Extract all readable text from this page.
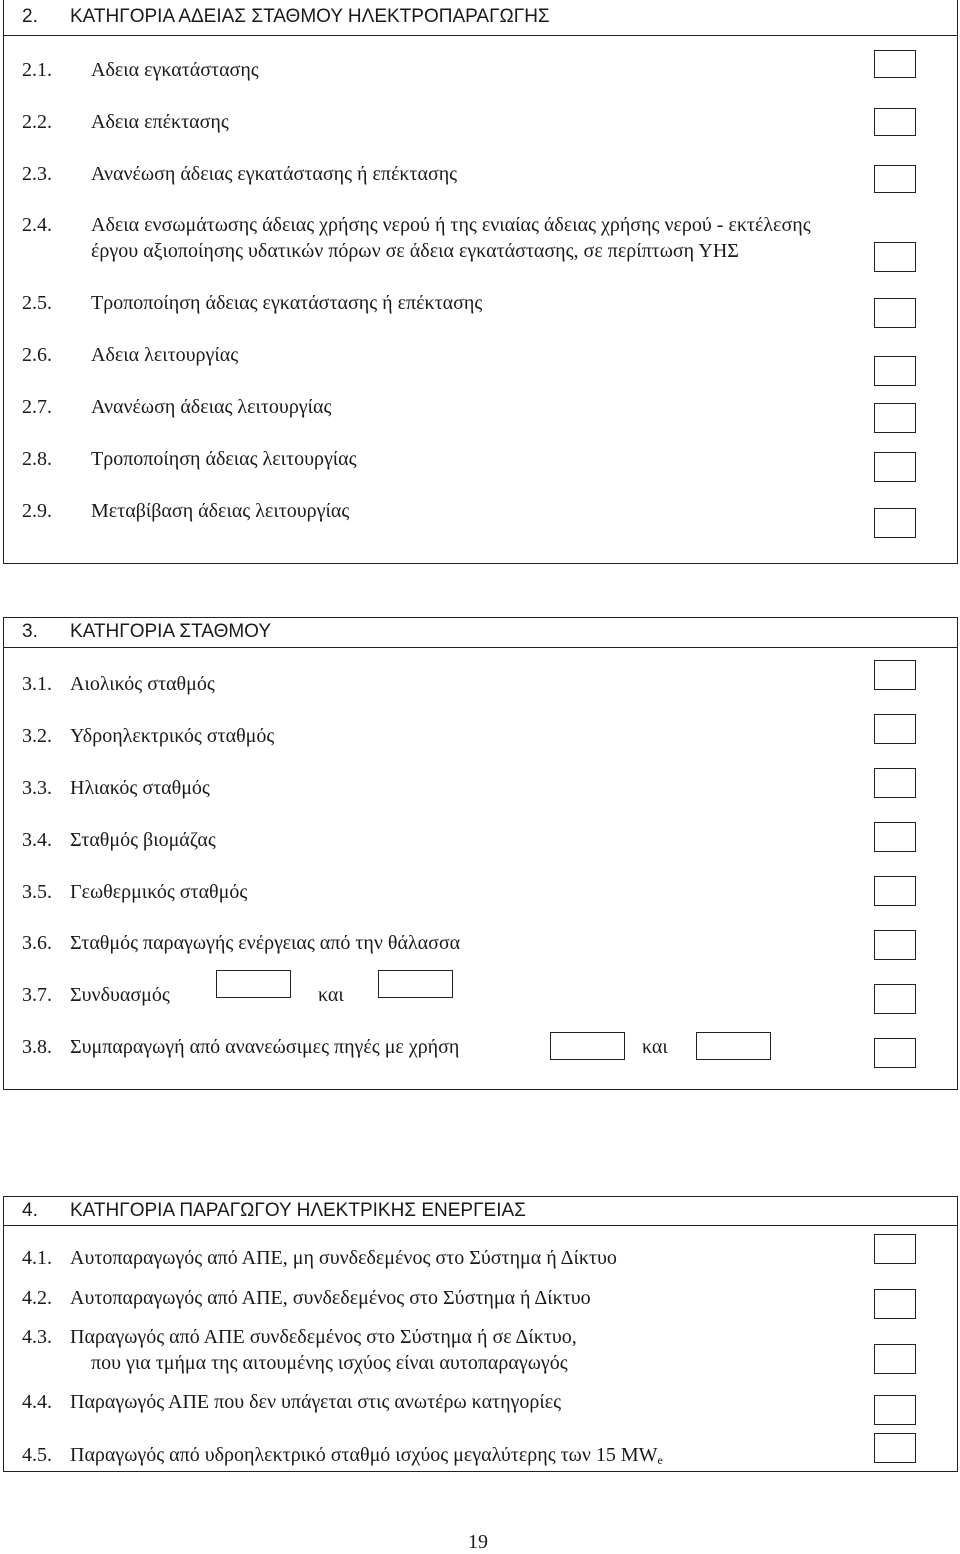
2. ΚΑΤΗΓΟΡΙΑ ΑΔΕΙΑΣ ΣΤΑΘΜΟΥ ΗΛΕΚΤΡΟΠΑΡΑΓΩΓΗΣ
2.1. Αδεια εγκατάστασης
2.2. Αδεια επέκτασης
2.3. Ανανέωση άδειας εγκατάστασης ή επέκτασης
2.4. Αδεια ενσωμάτωσης άδειας χρήσης νερού ή της ενιαίας άδειας χρήσης νερού - εκτέλεσης
έργου αξιοποίησης υδατικών πόρων σε άδεια εγκατάστασης, σε περίπτωση ΥΗΣ
2.5. Τροποποίηση άδειας εγκατάστασης ή επέκτασης
2.6. Αδεια λειτουργίας
2.7. Ανανέωση άδειας λειτουργίας
2.8. Τροποποίηση άδειας λειτουργίας
2.9. Μεταβίβαση άδειας λειτουργίας
3. ΚΑΤΗΓΟΡΙΑ ΣΤΑΘΜΟΥ
3.1. Αιολικός σταθμός
3.2. Υδροηλεκτρικός σταθμός
3.3. Ηλιακός σταθμός
3.4. Σταθμός βιομάζας
3.5. Γεωθερμικός σταθμός
3.6. Σταθμός παραγωγής ενέργειας από την θάλασσα
3.7. Συνδυασμός	και
3.8. Συμπαραγωγή από ανανεώσιμες πηγές με χρήση	και
4. ΚΑΤΗΓΟΡΙΑ ΠΑΡΑΓΩΓΟΥ ΗΛΕΚΤΡΙΚΗΣ ΕΝΕΡΓΕΙΑΣ
4.1. Αυτοπαραγωγός από ΑΠΕ, μη συνδεδεμένος στο Σύστημα ή Δίκτυο
4.2. Αυτοπαραγωγός από ΑΠΕ, συνδεδεμένος στο Σύστημα ή Δίκτυο
4.3. Παραγωγός από ΑΠΕ συνδεδεμένος στο Σύστημα ή σε Δίκτυο,
που για τμήμα της αιτουμένης ισχύος είναι αυτοπαραγωγός
4.4. Παραγωγός ΑΠΕ που δεν υπάγεται στις ανωτέρω κατηγορίες
4.5. Παραγωγός από υδροηλεκτρικό σταθμό ισχύος μεγαλύτερης των 15 $MW_e$
19
